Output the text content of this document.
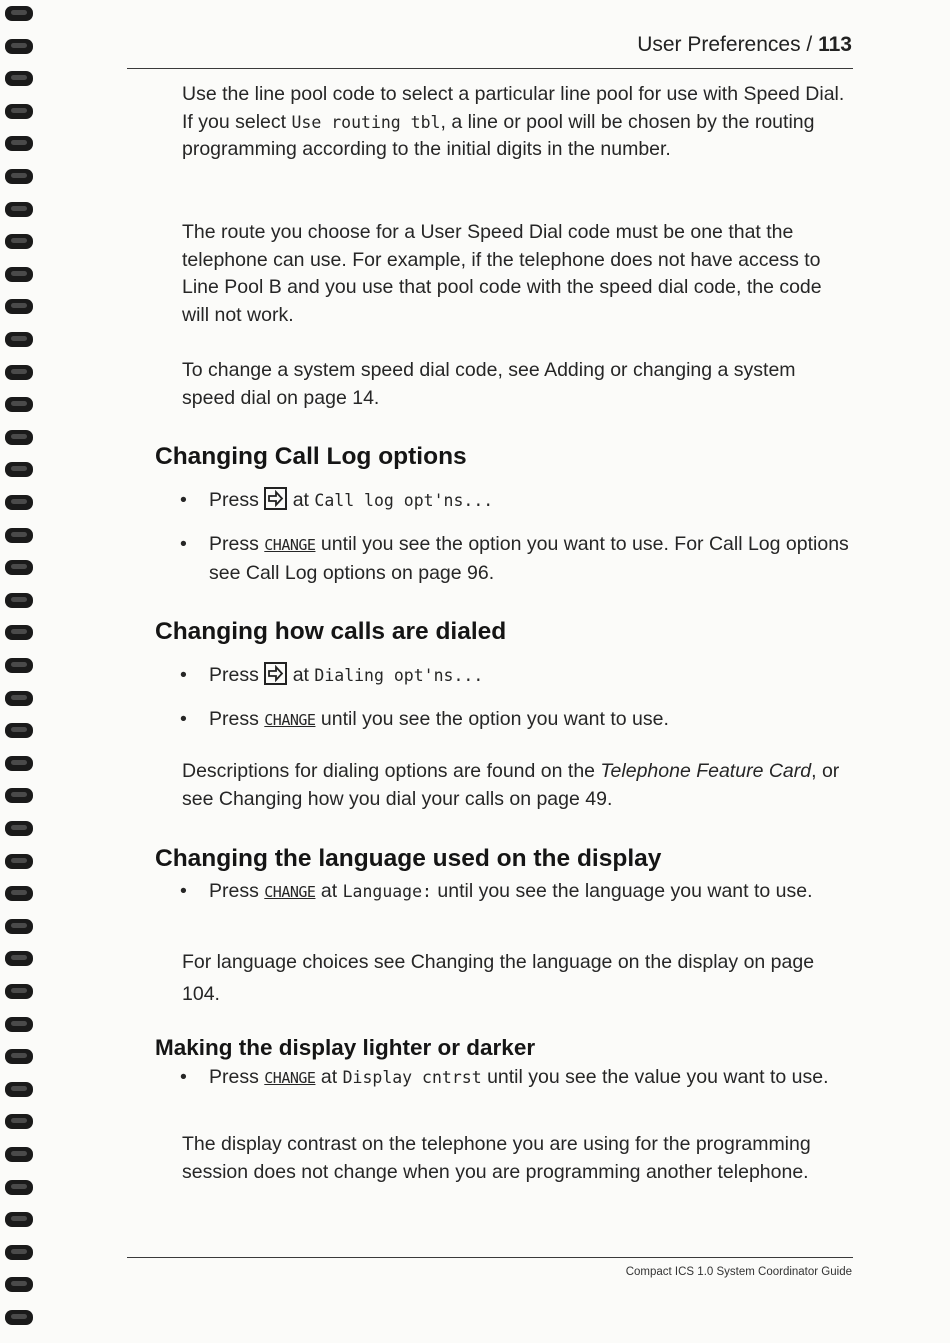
User Preferences / 113

Use the line pool code to select a particular line pool for use with Speed Dial. If you select Use routing tbl, a line or pool will be chosen by the routing programming according to the initial digits in the number.

The route you choose for a User Speed Dial code must be one that the telephone can use. For example, if the telephone does not have access to Line Pool B and you use that pool code with the speed dial code, the code will not work.

To change a system speed dial code, see Adding or changing a system speed dial on page 14.

Changing Call Log options
• Press at Call log opt'ns...
• Press CHANGE until you see the option you want to use. For Call Log options see Call Log options on page 96.
Changing how calls are dialed
• Press at Dialing opt'ns...
• Press CHANGE until you see the option you want to use.

Descriptions for dialing options are found on the Telephone Feature Card, or see Changing how you dial your calls on page 49.

Changing the language used on the display
• Press CHANGE at Language: until you see the language you want to use.

For language choices see Changing the language on the display on page 104.

Making the display lighter or darker
• Press CHANGE at Display cntrst until you see the value you want to use.

The display contrast on the telephone you are using for the programming session does not change when you are programming another telephone.

Compact ICS 1.0 System Coordinator Guide
